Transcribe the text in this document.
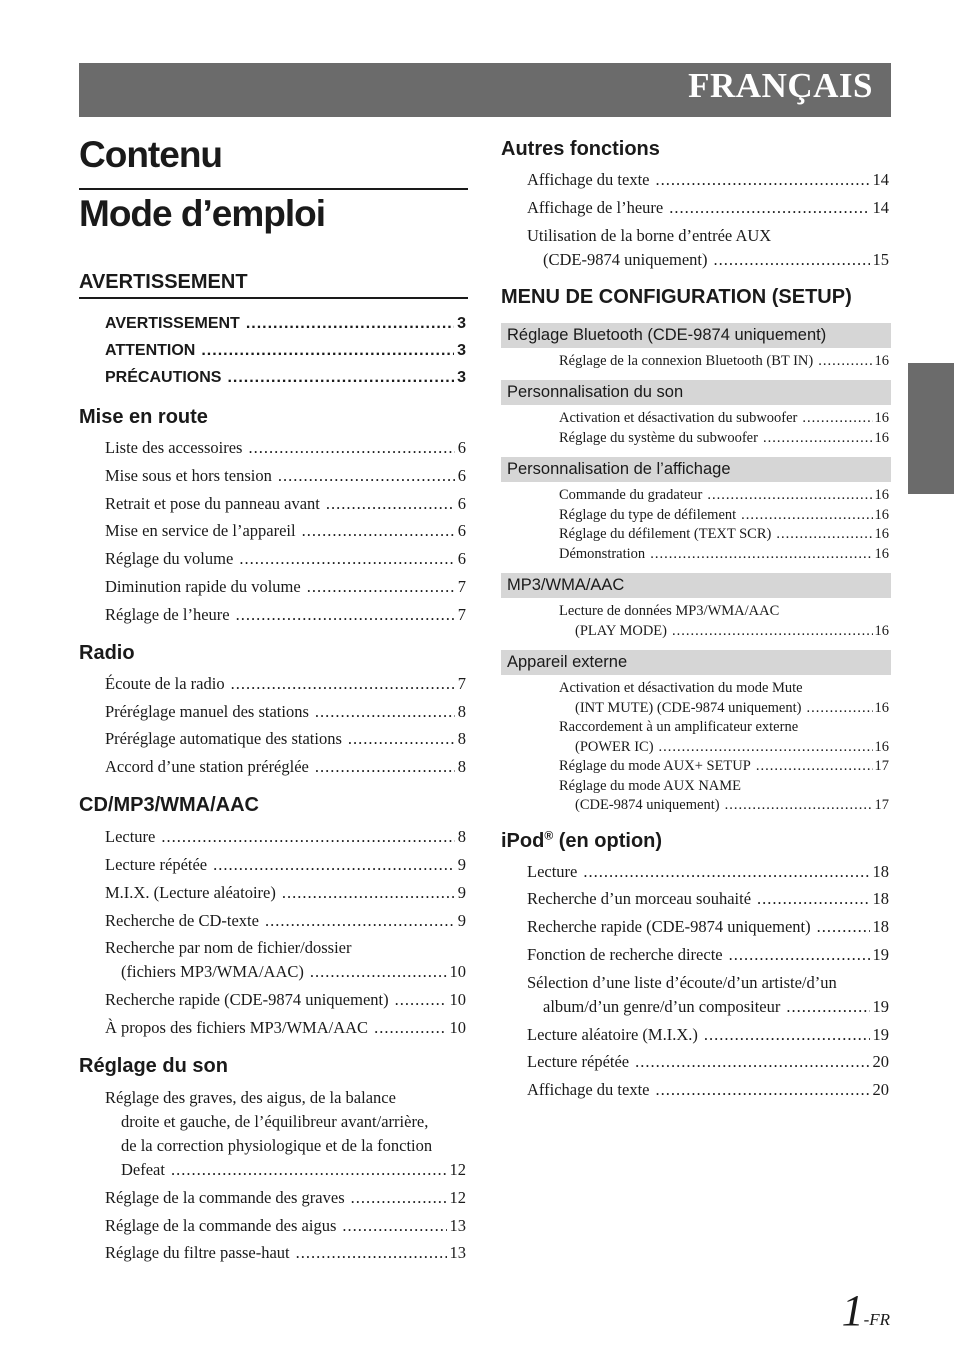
FRANÇAIS
Contenu
Mode d’emploi
AVERTISSEMENT
AVERTISSEMENT .....	3
ATTENTION .....	3
PRÉCAUTIONS .....	3
Mise en route
Liste des accessoires .....	6
Mise sous et hors tension .....	6
Retrait et pose du panneau avant .....	6
Mise en service de l’appareil .....	6
Réglage du volume .....	6
Diminution rapide du volume .....	7
Réglage de l’heure .....	7
Radio
Écoute de la radio .....	7
Préréglage manuel des stations .....	8
Préréglage automatique des stations .....	8
Accord d’une station préréglée .....	8
CD/MP3/WMA/AAC
Lecture .....	8
Lecture répétée .....	9
M.I.X. (Lecture aléatoire) .....	9
Recherche de CD-texte .....	9
Recherche par nom de fichier/dossier
(fichiers MP3/WMA/AAC) .....	10
Recherche rapide (CDE-9874 uniquement) .....	10
À propos des fichiers MP3/WMA/AAC .....	10
Réglage du son
Réglage des graves, des aigus, de la balance
droite et gauche, de l’équilibreur avant/arrière,
de la correction physiologique et de la fonction
Defeat .....	12
Réglage de la commande des graves .....	12
Réglage de la commande des aigus .....	13
Réglage du filtre passe-haut .....	13
Autres fonctions
Affichage du texte .....	14
Affichage de l’heure .....	14
Utilisation de la borne d’entrée AUX
(CDE-9874 uniquement) .....	15
MENU DE CONFIGURATION (SETUP)
Réglage Bluetooth (CDE-9874 uniquement)
Réglage de la connexion Bluetooth (BT IN) .....	16
Personnalisation du son
Activation et désactivation du subwoofer .....	16
Réglage du système du subwoofer .....	16
Personnalisation de l’affichage
Commande du gradateur .....	16
Réglage du type de défilement .....	16
Réglage du défilement (TEXT SCR) .....	16
Démonstration .....	16
MP3/WMA/AAC
Lecture de données MP3/WMA/AAC
(PLAY MODE) .....	16
Appareil externe
Activation et désactivation du mode Mute
(INT MUTE) (CDE-9874 uniquement) .....	16
Raccordement à un amplificateur externe
(POWER IC) .....	16
Réglage du mode AUX+ SETUP .....	17
Réglage du mode AUX NAME
(CDE-9874 uniquement) .....	17
iPod® (en option)
Lecture .....	18
Recherche d’un morceau souhaité .....	18
Recherche rapide (CDE-9874 uniquement) .....	18
Fonction de recherche directe .....	19
Sélection d’une liste d’écoute/d’un artiste/d’un
album/d’un genre/d’un compositeur .....	19
Lecture aléatoire (M.I.X.) .....	19
Lecture répétée .....	20
Affichage du texte .....	20
1-FR
